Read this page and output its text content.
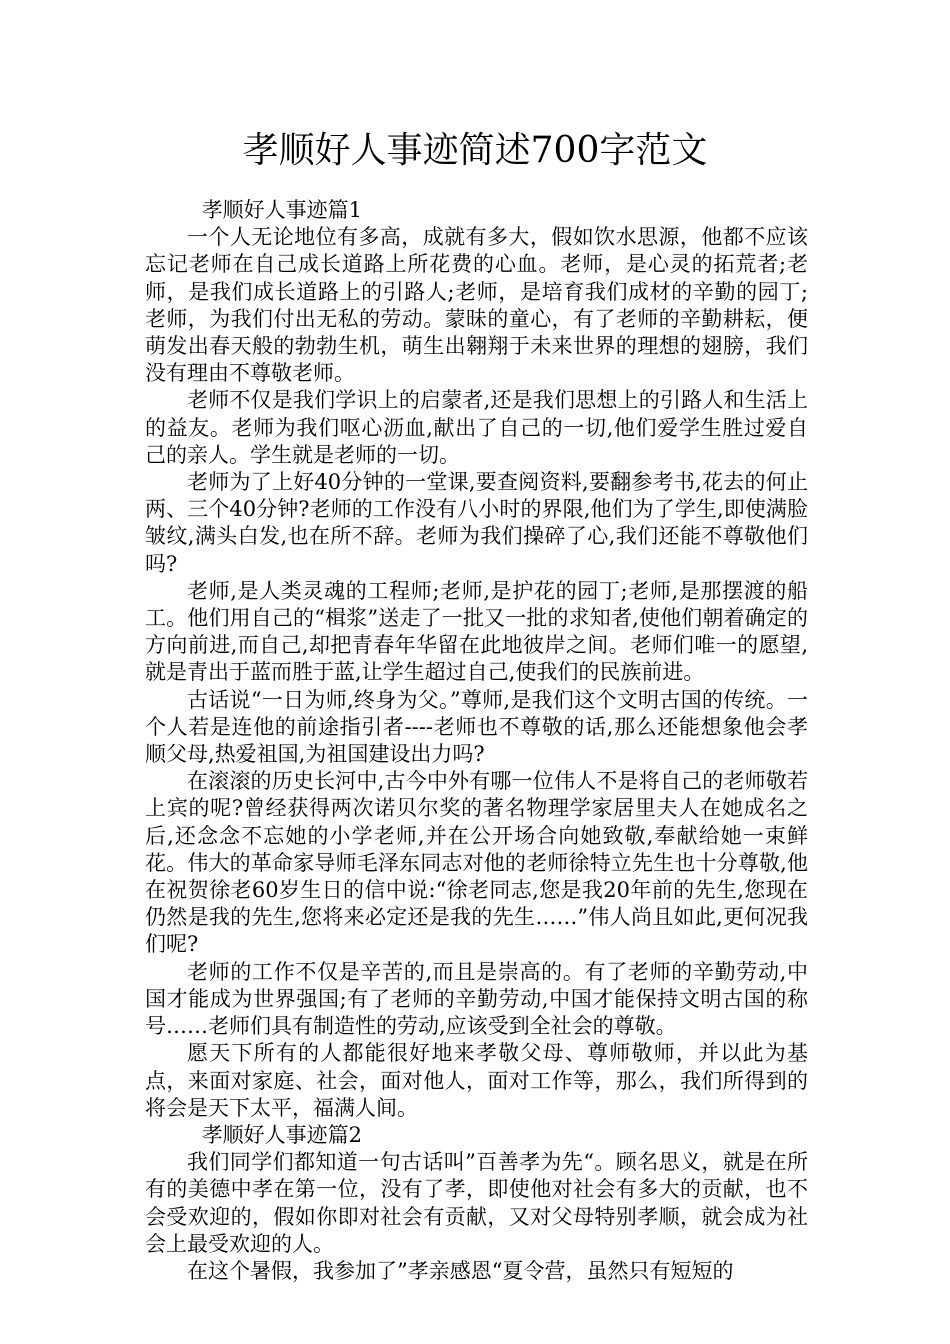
孝顺好人事迹简述700字范文

孝顺好人事迹篇1

一个人无论地位有多高，成就有多大，假如饮水思源，他都不应该忘记老师在自己成长道路上所花费的心血。老师，是心灵的拓荒者;老师，是我们成长道路上的引路人;老师，是培育我们成材的辛勤的园丁;老师，为我们付出无私的劳动。蒙昧的童心，有了老师的辛勤耕耘，便萌发出春天般的勃勃生机，萌生出翱翔于未来世界的理想的翅膀，我们没有理由不尊敬老师。

老师不仅是我们学识上的启蒙者,还是我们思想上的引路人和生活上的益友。老师为我们呕心沥血,献出了自己的一切,他们爱学生胜过爱自己的亲人。学生就是老师的一切。

老师为了上好40分钟的一堂课,要查阅资料,要翻参考书,花去的何止两、三个40分钟?老师的工作没有八小时的界限,他们为了学生,即使满脸皱纹,满头白发,也在所不辞。老师为我们操碎了心,我们还能不尊敬他们吗?

老师,是人类灵魂的工程师;老师,是护花的园丁;老师,是那摆渡的船工。他们用自己的“楫浆”送走了一批又一批的求知者,使他们朝着确定的方向前进,而自己,却把青春年华留在此地彼岸之间。老师们唯一的愿望,就是青出于蓝而胜于蓝,让学生超过自己,使我们的民族前进。

古话说“一日为师,终身为父。”尊师,是我们这个文明古国的传统。一个人若是连他的前途指引者----老师也不尊敬的话,那么还能想象他会孝顺父母,热爱祖国,为祖国建设出力吗?

在滚滚的历史长河中,古今中外有哪一位伟人不是将自己的老师敬若上宾的呢?曾经获得两次诺贝尔奖的著名物理学家居里夫人在她成名之后,还念念不忘她的小学老师,并在公开场合向她致敬,奉献给她一束鲜花。伟大的革命家导师毛泽东同志对他的老师徐特立先生也十分尊敬,他在祝贺徐老60岁生日的信中说:“徐老同志,您是我20年前的先生,您现在仍然是我的先生,您将来必定还是我的先生……”伟人尚且如此,更何况我们呢?

老师的工作不仅是辛苦的,而且是崇高的。有了老师的辛勤劳动,中国才能成为世界强国;有了老师的辛勤劳动,中国才能保持文明古国的称号……老师们具有制造性的劳动,应该受到全社会的尊敬。

愿天下所有的人都能很好地来孝敬父母、尊师敬师，并以此为基点，来面对家庭、社会，面对他人，面对工作等，那么，我们所得到的将会是天下太平，福满人间。

孝顺好人事迹篇2

我们同学们都知道一句古话叫”百善孝为先“。顾名思义，就是在所有的美德中孝在第一位，没有了孝，即使他对社会有多大的贡献，也不会受欢迎的，假如你即对社会有贡献，又对父母特别孝顺，就会成为社会上最受欢迎的人。

在这个暑假，我参加了”孝亲感恩“夏令营，虽然只有短短的
